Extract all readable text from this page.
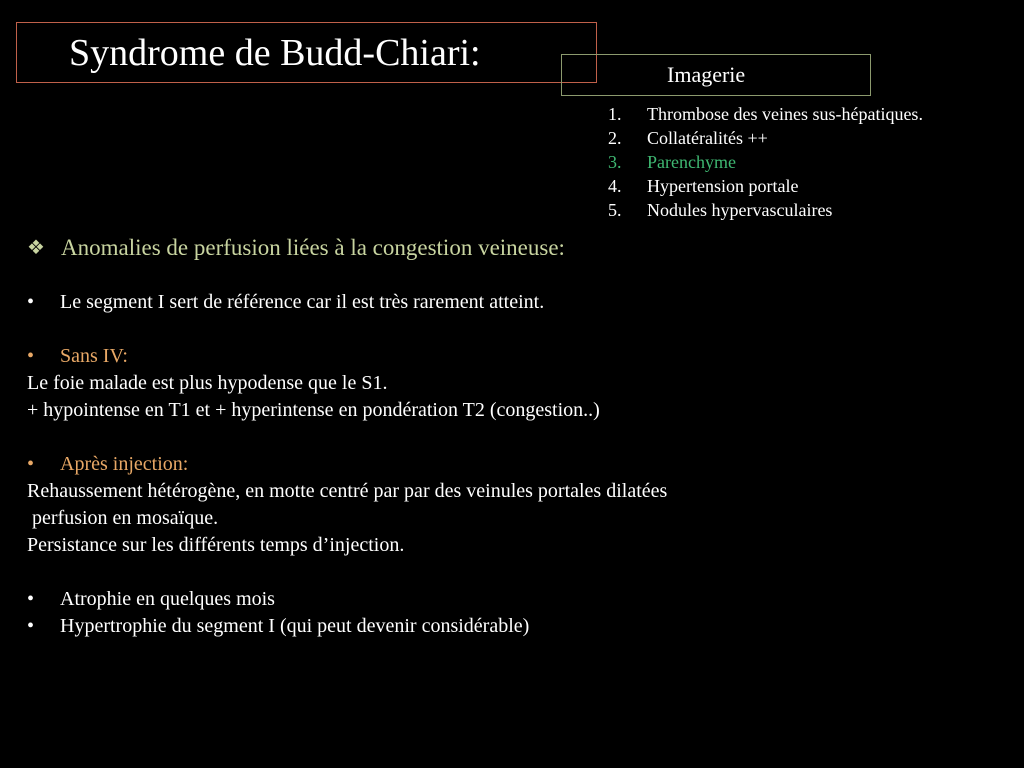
Syndrome de Budd-Chiari:
Imagerie
1. Thrombose des veines sus-hépatiques.
2. Collatéralités ++
3. Parenchyme
4. Hypertension portale
5. Nodules hypervasculaires
❖ Anomalies de perfusion liées à la congestion veineuse:
• Le segment I sert de référence car il est très rarement atteint.
• Sans IV:
Le foie malade est plus hypodense que le S1.
+ hypointense en T1 et + hyperintense en pondération T2 (congestion..)
• Après injection:
Rehaussement hétérogène, en motte centré par par des veinules portales dilatées
perfusion en mosaïque.
Persistance sur les différents temps d’injection.
• Atrophie en quelques mois
• Hypertrophie du segment I (qui peut devenir considérable)
